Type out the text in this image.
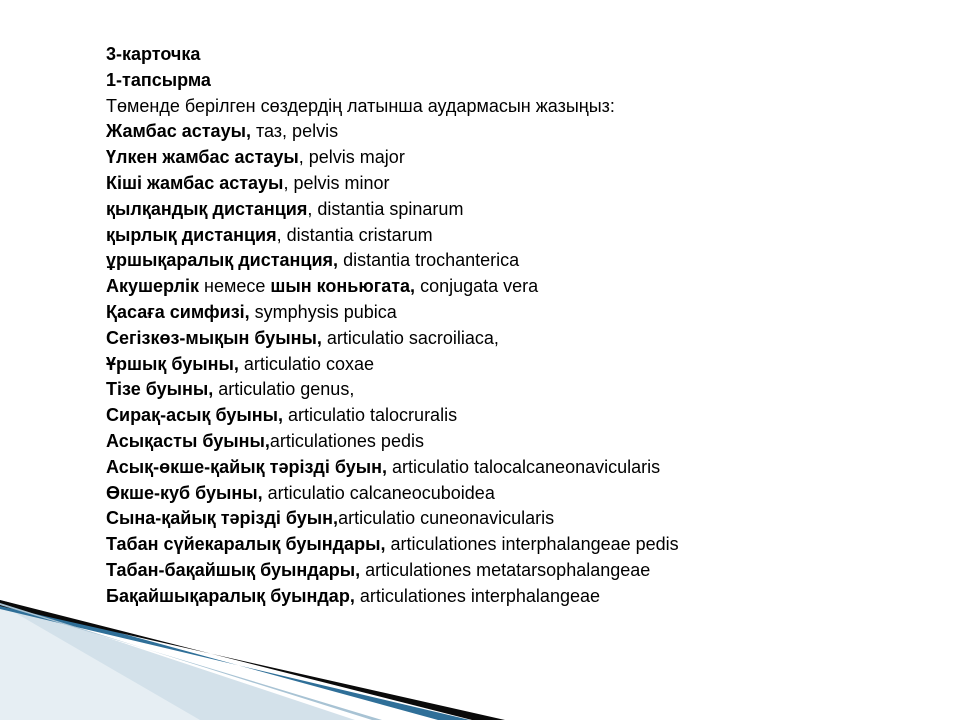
3-карточка
1-тапсырма
Төменде берілген сөздердің латынша аудармасын жазыңыз:
Жамбас астауы, таз, pelvis
Үлкен жамбас астауы, pelvis major
Кіші жамбас астауы, pelvis minor
қылқандық дистанция, distantia spinarum
қырлық дистанция, distantia cristarum
ұршықаралық дистанция, distantia trochanterica
Акушерлік немесе шын коньюгата, conjugata vera
Қасаға симфизі, symphysis pubica
Сегізкөз-мықын буыны, articulatio sacroiliaca,
Ұршық буыны, articulatio coxae
Тізе буыны, articulatio genus,
Сирақ-асық буыны, articulatio talocruralis
Асықасты буыны,articulationes pedis
Асық-өкше-қайық тәрізді буын, articulatio talocalcaneonavicularis
Өкше-куб буыны, articulatio calcaneocuboidea
Сына-қайық тәрізді буын,articulatio cuneonavicularis
Табан сүйекаралық буындары, articulationes interphalangeae pedis
Табан-бақайшық буындары, articulationes metatarsophalangeae
Бақайшықаралық буындар, articulationes interphalangeae
